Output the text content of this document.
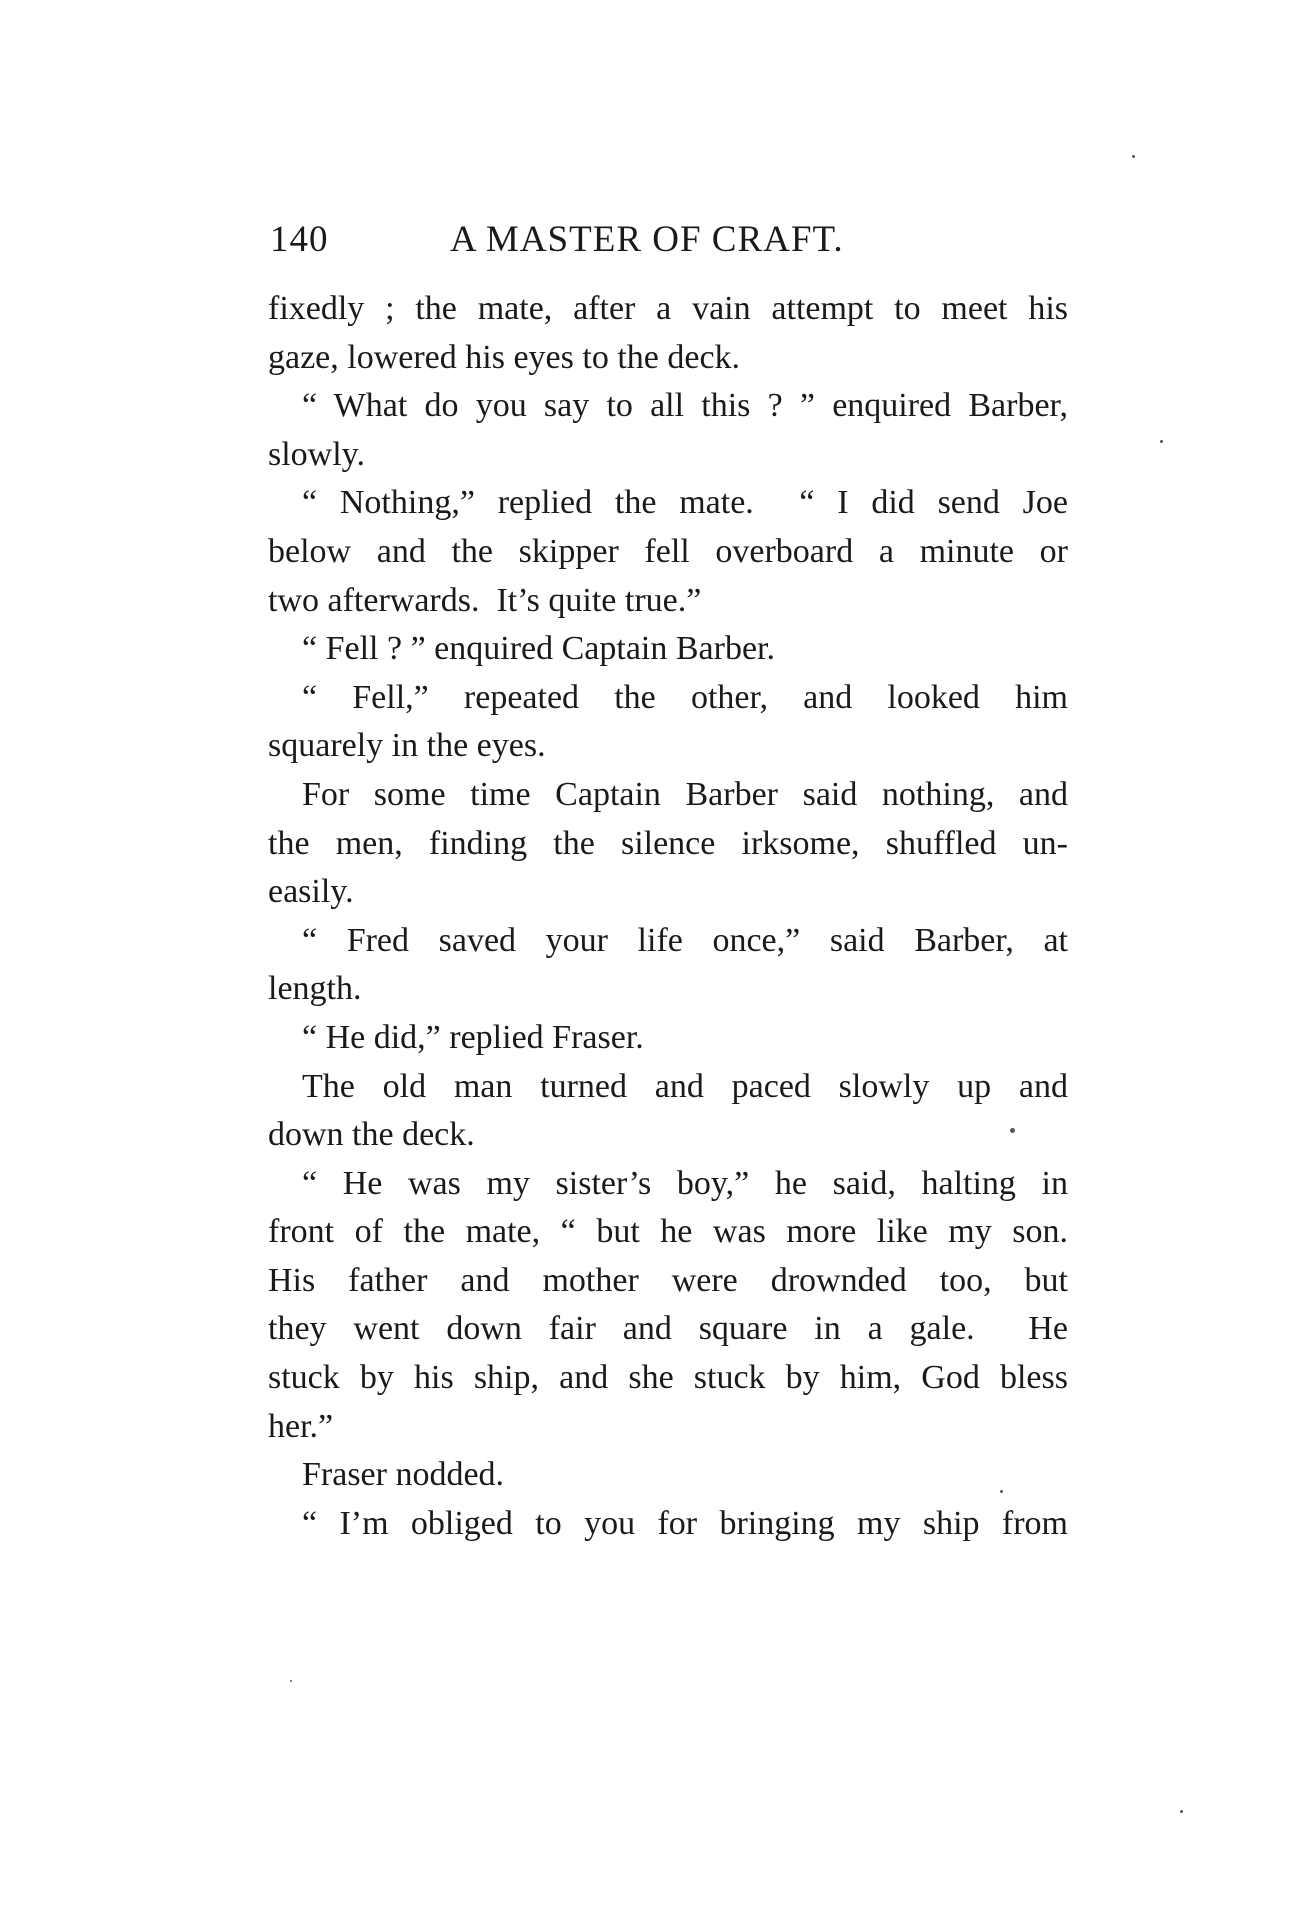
140	A MASTER OF CRAFT.
fixedly ; the mate, after a vain attempt to meet his
gaze, lowered his eyes to the deck.
“ What do you say to all this ? ” enquired Barber,
slowly.
“ Nothing,” replied the mate.  “ I did send Joe
below and the skipper fell overboard a minute or
two afterwards.  It’s quite true.”
“ Fell ? ” enquired Captain Barber.
“ Fell,” repeated the other, and looked him
squarely in the eyes.
For some time Captain Barber said nothing, and
the men, finding the silence irksome, shuffled un-
easily.
“ Fred saved your life once,” said Barber, at
length.
“ He did,” replied Fraser.
The old man turned and paced slowly up and
down the deck.
“ He was my sister’s boy,” he said, halting in
front of the mate, “ but he was more like my son.
His father and mother were drownded too, but
they went down fair and square in a gale.  He
stuck by his ship, and she stuck by him, God bless
her.”
Fraser nodded.
“ I’m obliged to you for bringing my ship from
